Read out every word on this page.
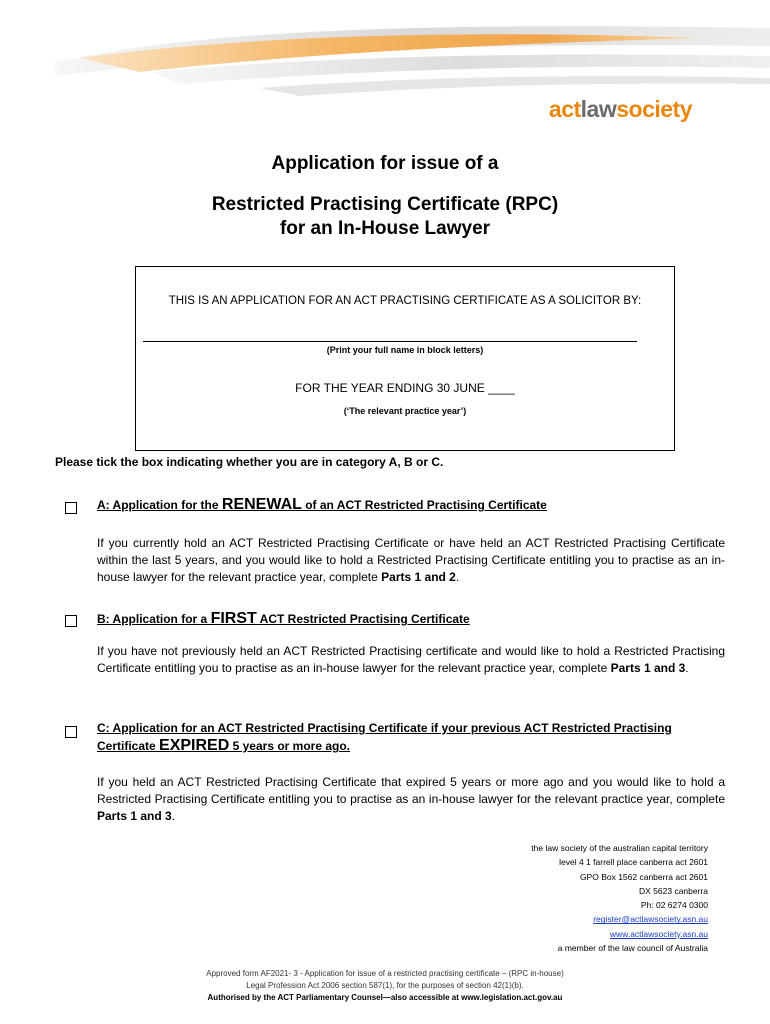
actlawsociety
Application for issue of a
Restricted Practising Certificate (RPC)
for an In-House Lawyer
THIS IS AN APPLICATION FOR AN ACT PRACTISING CERTIFICATE AS A SOLICITOR BY:
(Print your full name in block letters)
FOR THE YEAR ENDING 30 JUNE ____
(‘The relevant practice year’)
Please tick the box indicating whether you are in category A, B or C.
A: Application for the RENEWAL of an ACT Restricted Practising Certificate
If you currently hold an ACT Restricted Practising Certificate or have held an ACT Restricted Practising Certificate within the last 5 years, and you would like to hold a Restricted Practising Certificate entitling you to practise as an in-house lawyer for the relevant practice year, complete Parts 1 and 2.
B: Application for a FIRST ACT Restricted Practising Certificate
If you have not previously held an ACT Restricted Practising certificate and would like to hold a Restricted Practising Certificate entitling you to practise as an in-house lawyer for the relevant practice year, complete Parts 1 and 3.
C: Application for an ACT Restricted Practising Certificate if your previous ACT Restricted Practising Certificate EXPIRED 5 years or more ago.
If you held an ACT Restricted Practising Certificate that expired 5 years or more ago and you would like to hold a Restricted Practising Certificate entitling you to practise as an in-house lawyer for the relevant practice year, complete Parts 1 and 3.
the law society of the australian capital territory
level 4 1 farrell place canberra act 2601
GPO Box 1562 canberra act 2601
DX 5623 canberra
Ph: 02 6274 0300
register@actlawsociety.asn.au
www.actlawsociety.asn.au
a member of the law council of Australia
Approved form AF2021- 3 - Application for issue of a restricted practising certificate – (RPC in-house)
Legal Profession Act 2006 section 587(1), for the purposes of section 42(1)(b).
Authorised by the ACT Parliamentary Counsel—also accessible at www.legislation.act.gov.au
